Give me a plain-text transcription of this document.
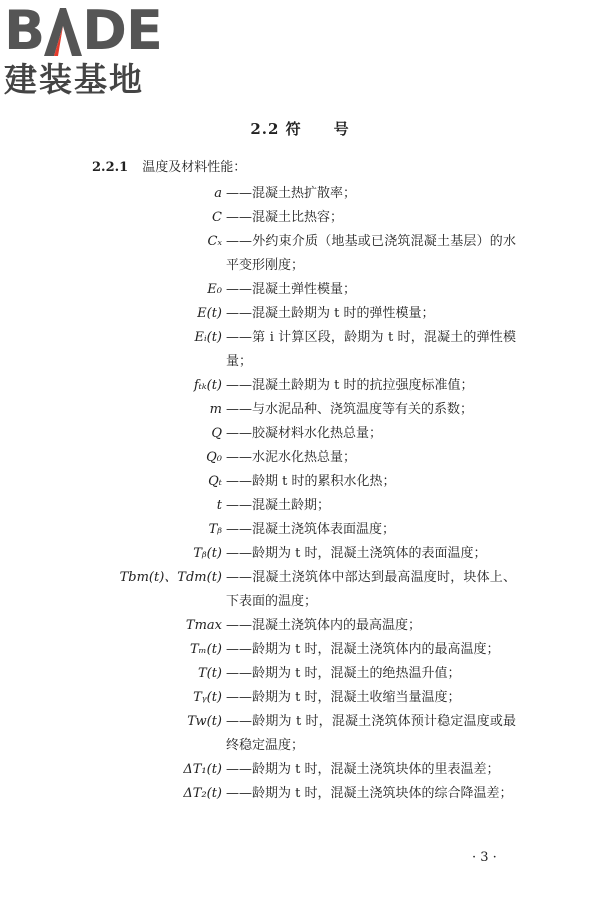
B DE
建装基地
2.2 符　　号
2.2.1 温度及材料性能：
a ——混凝土热扩散率；
C ——混凝土比热容；
Cₓ ——外约束介质（地基或已浇筑混凝土基层）的水平变形刚度；
E₀ ——混凝土弹性模量；
E(t) ——混凝土龄期为 t 时的弹性模量；
Eᵢ(t) ——第 i 计算区段，龄期为 t 时，混凝土的弹性模量；
fₜₖ(t) ——混凝土龄期为 t 时的抗拉强度标准值；
m ——与水泥品种、浇筑温度等有关的系数；
Q ——胶凝材料水化热总量；
Q₀ ——水泥水化热总量；
Qₜ ——龄期 t 时的累积水化热；
t ——混凝土龄期；
Tᵦ ——混凝土浇筑体表面温度；
Tᵦ(t) ——龄期为 t 时，混凝土浇筑体的表面温度；
Tbm(t)、Tdm(t) ——混凝土浇筑体中部达到最高温度时，块体上、下表面的温度；
Tmax ——混凝土浇筑体内的最高温度；
Tₘ(t) ——龄期为 t 时，混凝土浇筑体内的最高温度；
T(t) ——龄期为 t 时，混凝土的绝热温升值；
Tᵧ(t) ——龄期为 t 时，混凝土收缩当量温度；
Tw(t) ——龄期为 t 时，混凝土浇筑体预计稳定温度或最终稳定温度；
ΔT₁(t) ——龄期为 t 时，混凝土浇筑块体的里表温差；
ΔT₂(t) ——龄期为 t 时，混凝土浇筑块体的综合降温差；
· 3 ·
